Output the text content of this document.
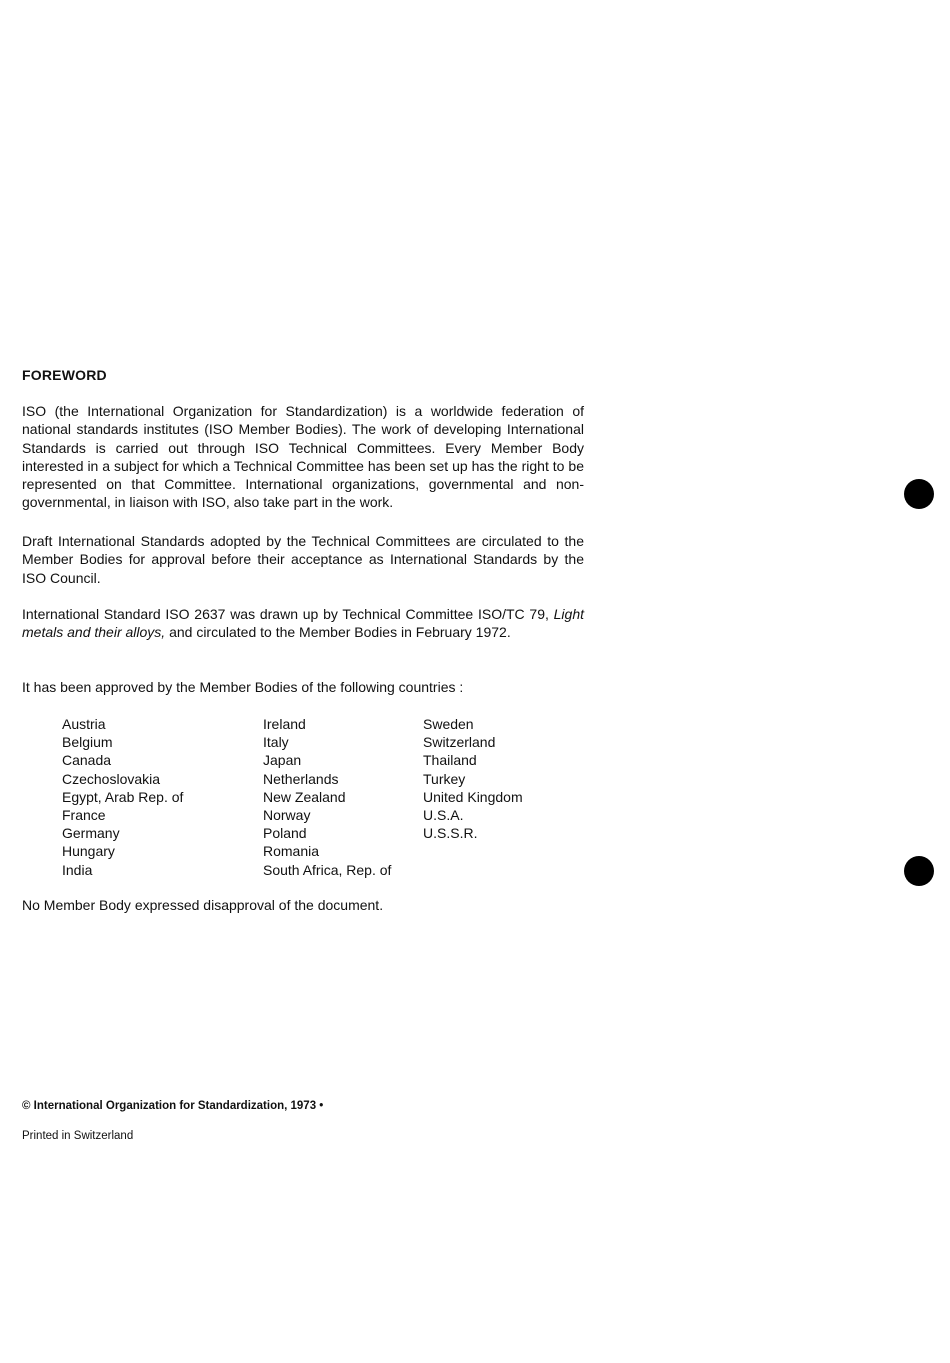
FOREWORD

ISO (the International Organization for Standardization) is a worldwide federation of national standards institutes (ISO Member Bodies). The work of developing International Standards is carried out through ISO Technical Committees. Every Member Body interested in a subject for which a Technical Committee has been set up has the right to be represented on that Committee. International organizations, governmental and non-governmental, in liaison with ISO, also take part in the work.

Draft International Standards adopted by the Technical Committees are circulated to the Member Bodies for approval before their acceptance as International Standards by the ISO Council.

International Standard ISO 2637 was drawn up by Technical Committee ISO/TC 79, Light metals and their alloys, and circulated to the Member Bodies in February 1972.

It has been approved by the Member Bodies of the following countries :

Austria
Belgium
Canada
Czechoslovakia
Egypt, Arab Rep. of
France
Germany
Hungary
India
Ireland
Italy
Japan
Netherlands
New Zealand
Norway
Poland
Romania
South Africa, Rep. of
Sweden
Switzerland
Thailand
Turkey
United Kingdom
U.S.A.
U.S.S.R.

No Member Body expressed disapproval of the document.

© International Organization for Standardization, 1973 •
Printed in Switzerland
